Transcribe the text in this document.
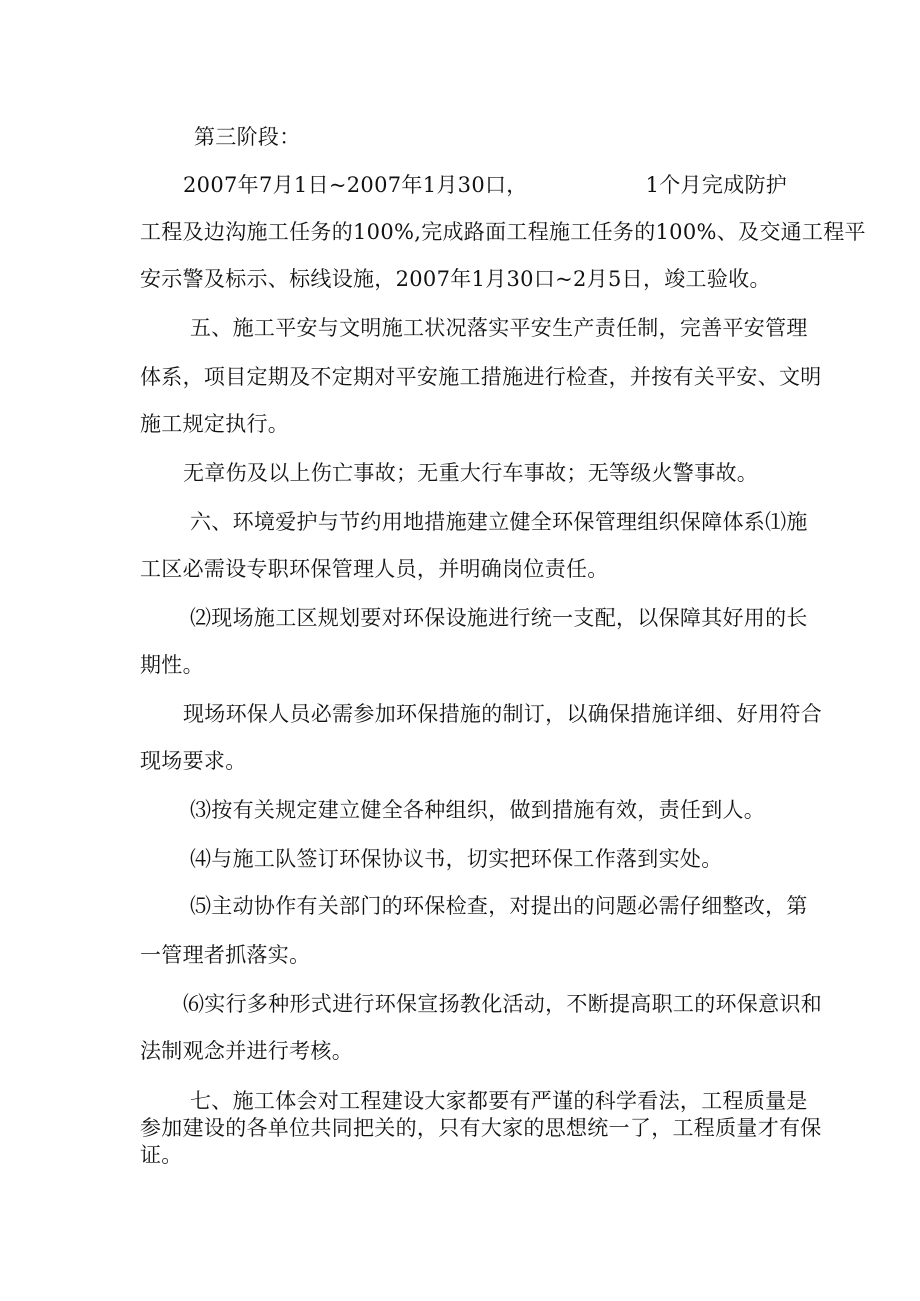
第三阶段：
2007年7月1日~2007年1月30口，	1个月完成防护
工程及边沟施工任务的100%,完成路面工程施工任务的100%、及交通工程平
安示警及标示、标线设施，2007年1月30口~2月5日，竣工验收。
五、施工平安与文明施工状况落实平安生产责任制，完善平安管理
体系，项目定期及不定期对平安施工措施进行检查，并按有关平安、文明
施工规定执行。
无章伤及以上伤亡事故；无重大行车事故；无等级火警事故。
六、环境爱护与节约用地措施建立健全环保管理组织保障体系⑴施
工区必需设专职环保管理人员，并明确岗位责任。
⑵现场施工区规划要对环保设施进行统一支配，以保障其好用的长
期性。
现场环保人员必需参加环保措施的制订，以确保措施详细、好用符合
现场要求。
⑶按有关规定建立健全各种组织，做到措施有效，责任到人。
⑷与施工队签订环保协议书，切实把环保工作落到实处。
⑸主动协作有关部门的环保检查，对提出的问题必需仔细整改，第
一管理者抓落实。
⑹实行多种形式进行环保宣扬教化活动，不断提高职工的环保意识和
法制观念并进行考核。
七、施工体会对工程建设大家都要有严谨的科学看法，工程质量是
参加建设的各单位共同把关的，只有大家的思想统一了，工程质量才有保
证。
